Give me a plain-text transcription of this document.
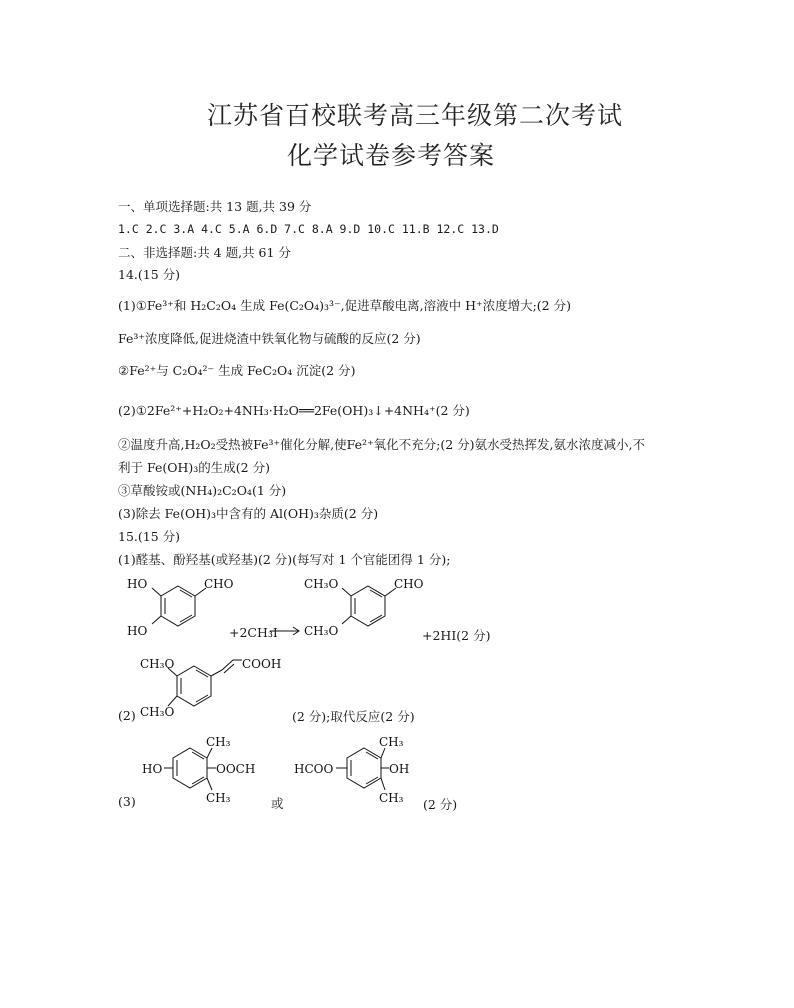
江苏省百校联考高三年级第二次考试
化学试卷参考答案
一、单项选择题:共 13 题,共 39 分
1.C 2.C 3.A 4.C 5.A 6.D 7.C 8.A 9.D 10.C 11.B 12.C 13.D
二、非选择题:共 4 题,共 61 分
14.(15 分)
(1)①Fe³⁺和 H₂C₂O₄ 生成 Fe(C₂O₄)₃³⁻,促进草酸电离,溶液中 H⁺浓度增大;(2 分)
Fe³⁺浓度降低,促进烧渣中铁氧化物与硫酸的反应(2 分)
②Fe²⁺与 C₂O₄²⁻ 生成 FeC₂O₄ 沉淀(2 分)
(2)①2Fe²⁺+H₂O₂+4NH₃·H₂O══2Fe(OH)₃↓+4NH₄⁺(2 分)
②温度升高,H₂O₂受热被Fe³⁺催化分解,使Fe²⁺氧化不充分;(2 分)氨水受热挥发,氨水浓度减小,不
利于 Fe(OH)₃的生成(2 分)
③草酸铵或(NH₄)₂C₂O₄(1 分)
(3)除去 Fe(OH)₃中含有的 Al(OH)₃杂质(2 分)
15.(15 分)
(1)醛基、酚羟基(或羟基)(2 分)(每写对 1 个官能团得 1 分);
HO
HO
CHO
+2CH₃I
CH₃O
CH₃O
CHO
+2HI(2 分)
CH₃O
CH₃O
COOH
(2)	(2 分);取代反应(2 分)
HO	OOCH
CH₃
CH₃
(3)	或
HCOO	OH
CH₃
CH₃ (2 分)
